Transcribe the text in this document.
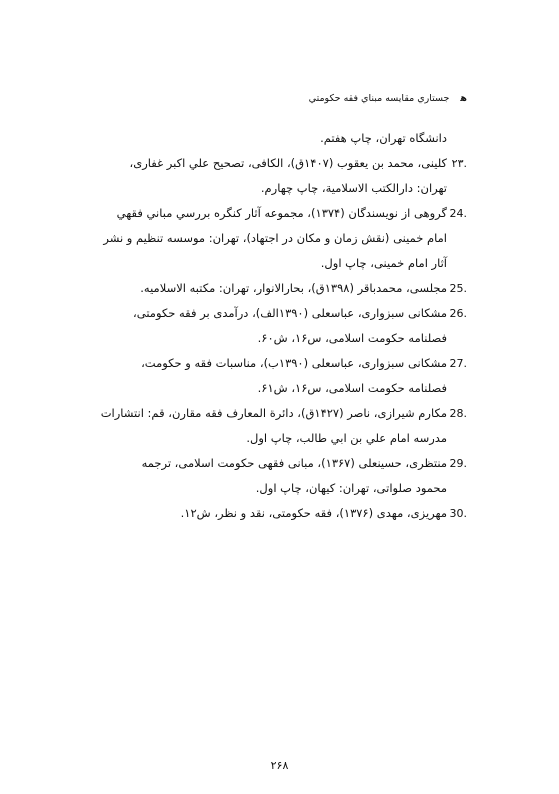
ﻫ جستاري مقايسه مبناي فقه حكومتي
دانشگاه تهران، چاپ هفتم.
۲۳.
كلينى، محمد بن يعقوب (۱۴۰۷ق)، الكافى، تصحيح علي اكبر غفارى،
تهران: دارالكتب الاسلامية، چاپ چهارم.
24.
گروهى از نويسندگان (۱۳۷۴)، مجموعه آثار كنگره بررسي مباني فقهي
امام خمينى (نقش زمان و مكان در اجتهاد)، تهران: موسسه تنظيم و نشر
آثار امام خمينى، چاپ اول.
25.
مجلسى، محمدباقر (۱۳۹۸ق)، بحارالانوار، تهران: مكتبه الاسلاميه.
26.
مشكانى سبزوارى، عباسعلى (۱۳۹۰الف)، درآمدى بر فقه حكومتى،
فصلنامه حكومت اسلامى، س۱۶، ش۶۰.
27.
مشكانى سبزوارى، عباسعلى (۱۳۹۰ب)، مناسبات فقه و حكومت،
فصلنامه حكومت اسلامى، س۱۶، ش۶۱.
28.
مكارم شيرازى، ناصر (۱۴۲۷ق)، دائرة المعارف فقه مقارن، قم: انتشارات
مدرسه امام علي بن ابي طالب، چاپ اول.
29.
منتظرى، حسينعلى (۱۳۶۷)، مبانى فقهى حكومت اسلامى، ترجمه
محمود صلواتى، تهران: كيهان، چاپ اول.
30.
مهريزى، مهدى (۱۳۷۶)، فقه حكومتى، نقد و نظر، ش۱۲.
۲۶۸
